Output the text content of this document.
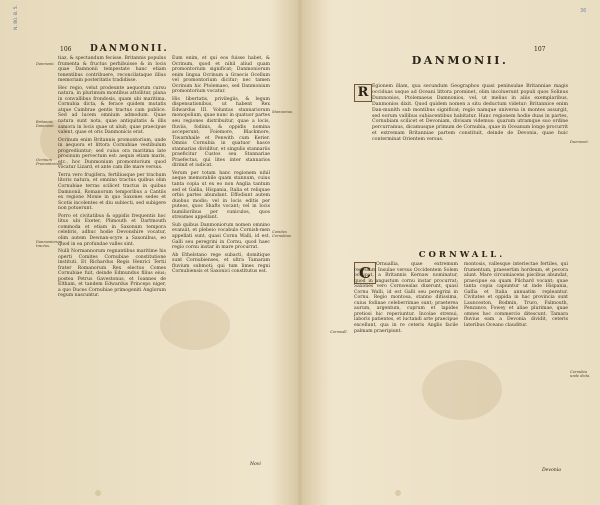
N. 80. B. 5.
106 DANMONII.

tiaz, & spectandum fecisse. Britannis populus frumenta & fructus perhibuisse & in locis quae Damnonii tempestate hanc etiam tenentibus contribuere, reconcilataque illius memoriam posteritatis tradidisse.

Hec regio, velut prodeunte aequorum cursu natura, in plurimum montibus attollitur, plana in convallibus frondosis, quam ubi maritima. Cornubia dicta, & ferace quidem mutatis atque Cambrae gentis tractus cam publice. Sed ad lucem omnium admodum. Quae natura sunt nota, quae antiquitatis & illis saniora in locis quae ut aluit; quae praecipue valent, quae et oris Danmonicis erat.

Ocrinum enim Britannis promontorium, unde in aequora et littora Cornubiae vestibulum progrediuntur; sed cuius ora maritima late prosinum pervectum est: aequis etiam maris, etc., hoc Dunmonium promontorium quod vocatur Lizard, et ante cam ille mare versus.

Terra vero frugifera, fertiliusque per trachum litoris natura, et omnino tractus quibus olim Cornubiae terras scilicet tractus in quibus Damnonii, Romanorum temporibus a Cantiis ex regione Monie in quo Saxones sedes et Scotis incolentes et diu subiecti, sed subigere non potuerunt.

Porro et civitatibus & oppidis frequentis hoc litus ubi Exeter, Plimouth et Dartmouth commoda et etiam in Saxonum tempora celebris, adhuc hodie Devonshire vocatur, olim autem Dewnan-scyre a Saxonibus, eo quod in ea profundae valles sint.

Nulli Normannorum regnantibus maritime his operti Comites Cornubiae constitutione instituti. Et Richardus Regis Henrici Tertii frater Romanorum Rex electus Comes Cornubiae fuit, deinde Edmundus filius eius; postea Petrus Gavestonus, et Ioannes de Eltham, et tandem Edwardus Princeps niger, a quo Duces Cornubiae primogeniti Anglorum regum nascuntur.

Eum enim, et qui eos fuisse habet, & Ocrinum, quod et nihil aliud quam promontorium significat; Danmoniorum enim lingua Ocrinum a Graecis Ocellum vel promontorium dicitur; nec tamen Ocrinum hic Ptolemaeo, sed Danmonium promontorium vocatur.

His libertatis, privilegiis, & legum dispensationibus, ut habent Rex Edwardus III. Voluntas stannariorum monopolium, quae nunc in quatuor partes seu regiones distribuitur, quae a locis, fluviis, fodinis, & oppidis nomina acceperunt; Foiemore, Blackmore, Tiwarnhaile et Penwith cum Kerier. Omnis Cornubia in quatuor hasce stannarias dividitur, et singulis stannariis praeficitur Custos seu Stannariae Praefectus, qui lites inter stannarios dirimit et iudicat.

Verum per totam hanc regionem nihil aeque memorabile quam stannum, cuius tanta copia ut ex eo non Anglia tantum sed et Gallia, Hispania, Italia et reliquae orbis partes abundant. Effodiunt autem duobus modis: vel in locis editis per puteos, quos Shafts vocant; vel in locis humilioribus per cuniculos, quos streames appellant.

Sub quibus Danmoniorum nomen omnino evanuit, et plebeio vocabulo Cornish-men appellati sunt, quasi Cornu Walli, id est, Galli seu peregrini in Cornu, quod haec regio cornu instar in mare procurrat.

Ab Ethelstano rege subacti, domitique sunt Cornubienses, et ultra Tamaram fluvium submoti; qui tum limes regni Cornubiensis et Saxonici constitutus est.

Danmonii.
Britannis Damnonii.
Ocrinum Promontorium.
Danmoniorum tractus.
Stannariae.
Comites Cornubiae.
Novi
36
107
DANMONII.
R Egionem illam, qua secundum Geographos quasi peninsulae Britanniae magis occiduas usque ad Oceani littora prominet, olim incoluerunt populi quos Solinus Dumnonios, Ptolemaeus Damnonios, vel, ut melius in aliis exemplaribus, Danmonios dixit. Quod quidem nomen a situ deductum videtur: Britannice enim Dan-munith sub montibus significat; regio namque universa in montes assurgit, sed eorum vallibus subiacentibus habitatur. Hanc regionem hodie duas in partes, Cornubiam scilicet et Devoniam, divisam videmus: quarum utramque suo ordine percurramus, dicamusque primum de Cornubia, quae in Oceanum longe procurrit et extremam Britanniae partem constituit, deinde de Devonia, quae huic conterminat Orientem versus.	Dumnonii.
CORNWALL.
C	Ornuallia, quae extremum recessum Insulae versus Occidentem Solem occupat, a Britannis Kernaw nominatur, quod in angustum cornu instar procurrat; Saxones vero Cornwealas dixerunt, quasi Cornu Walli, id est Galli seu peregrini in Cornu. Regio montosa, stanno ditissima, cuius fodinae celeberrimae sunt; praeterea aurum, argentum, cuprum et lapides pretiosi hic reperiuntur. Incolae strenui, laboris patientes, et luctandi arte praecipue excellunt, qua in re ceteris Anglis facile palmam praeripiunt.

montosis, vallesque interiectae fertiles, qui frumentum, praesertim hordeum, et pecora alunt. Mare circumiacens piscibus abundat, praecipue ea quam Pilchard vocant; quae tanta copia capiuntur ut inde Hispania, Gallia et Italia annuatim repleantur. Civitates et oppida in hac provincia sunt Launceston, Bodmin, Truro, Falmouth, Penzance, Fowey et aliae plurimae, quae omnes hoc commercio ditescunt. Tamara fluvius eam a Devonia dividit, ceteris lateribus Oceano clauditur.

Cornwall.
Cornubia unde dicta.
Devonia
